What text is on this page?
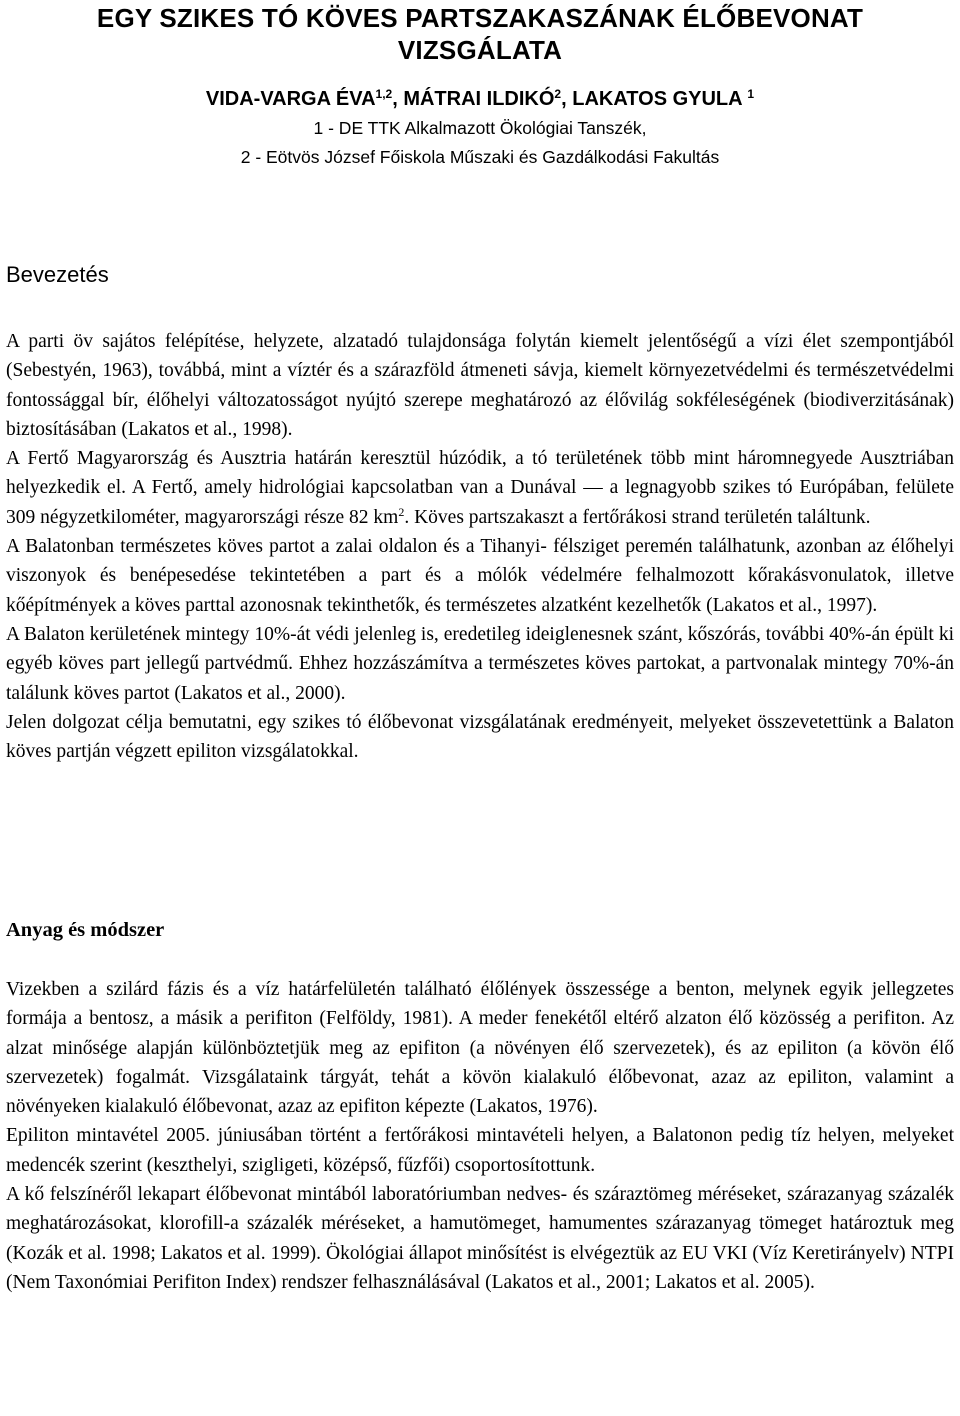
EGY SZIKES TÓ KÖVES PARTSZAKASZÁNAK ÉLŐBEVONAT
VIZSGÁLATA
VIDA-VARGA ÉVA$^{1,2}$, MÁTRAI ILDIKÓ$^2$, LAKATOS GYULA $^1$
1 - DE TTK Alkalmazott Ökológiai Tanszék,
2 - Eötvös József Főiskola Műszaki és Gazdálkodási Fakultás
Bevezetés

A parti öv sajátos felépítése, helyzete, alzatadó tulajdonsága folytán kiemelt jelentőségű a vízi élet szempontjából (Sebestyén, 1963), továbbá, mint a víztér és a szárazföld átmeneti sávja, kiemelt környezetvédelmi és természetvédelmi fontossággal bír, élőhelyi változatosságot nyújtó szerepe meghatározó az élővilág sokféleségének (biodiverzitásának) biztosításában (Lakatos et al., 1998).

A Fertő Magyarország és Ausztria határán keresztül húzódik, a tó területének több mint háromnegyede Ausztriában helyezkedik el. A Fertő, amely hidrológiai kapcsolatban van a Dunával ― a legnagyobb szikes tó Európában, felülete 309 négyzetkilométer, magyarországi része 82 $km^2$. Köves partszakaszt a fertőrákosi strand területén találtunk.

A Balatonban természetes köves partot a zalai oldalon és a Tihanyi- félsziget peremén találhatunk, azonban az élőhelyi viszonyok és benépesedése tekintetében a part és a mólók védelmére felhalmozott kőrakásvonulatok, illetve kőépítmények a köves parttal azonosnak tekinthetők, és természetes alzatként kezelhetők (Lakatos et al., 1997).

A Balaton kerületének mintegy 10%-át védi jelenleg is, eredetileg ideiglenesnek szánt, kőszórás, további 40%-án épült ki egyéb köves part jellegű partvédmű. Ehhez hozzászámítva a természetes köves partokat, a partvonalak mintegy 70%-án találunk köves partot (Lakatos et al., 2000).

Jelen dolgozat célja bemutatni, egy szikes tó élőbevonat vizsgálatának eredményeit, melyeket összevetettünk a Balaton köves partján végzett epiliton vizsgálatokkal.

Anyag és módszer

Vizekben a szilárd fázis és a víz határfelületén található élőlények összessége a benton, melynek egyik jellegzetes formája a bentosz, a másik a perifiton (Felföldy, 1981). A meder fenekétől eltérő alzaton élő közösség a perifiton. Az alzat minősége alapján különböztetjük meg az epifiton (a növényen élő szervezetek), és az epiliton (a kövön élő szervezetek) fogalmát. Vizsgálataink tárgyát, tehát a kövön kialakuló élőbevonat, azaz az epiliton, valamint a növényeken kialakuló élőbevonat, azaz az epifiton képezte (Lakatos, 1976).

Epiliton mintavétel 2005. júniusában történt a fertőrákosi mintavételi helyen, a Balatonon pedig tíz helyen, melyeket medencék szerint (keszthelyi, szigligeti, középső, fűzfői) csoportosítottunk.

A kő felszínéről lekapart élőbevonat mintából laboratóriumban nedves- és száraztömeg méréseket, szárazanyag százalék meghatározásokat, klorofill-a százalék méréseket, a hamutömeget, hamumentes szárazanyag tömeget határoztuk meg (Kozák et al. 1998; Lakatos et al. 1999). Ökológiai állapot minősítést is elvégeztük az EU VKI (Víz Keretirányelv) NTPI (Nem Taxonómiai Perifiton Index) rendszer felhasználásával (Lakatos et al., 2001; Lakatos et al. 2005).
